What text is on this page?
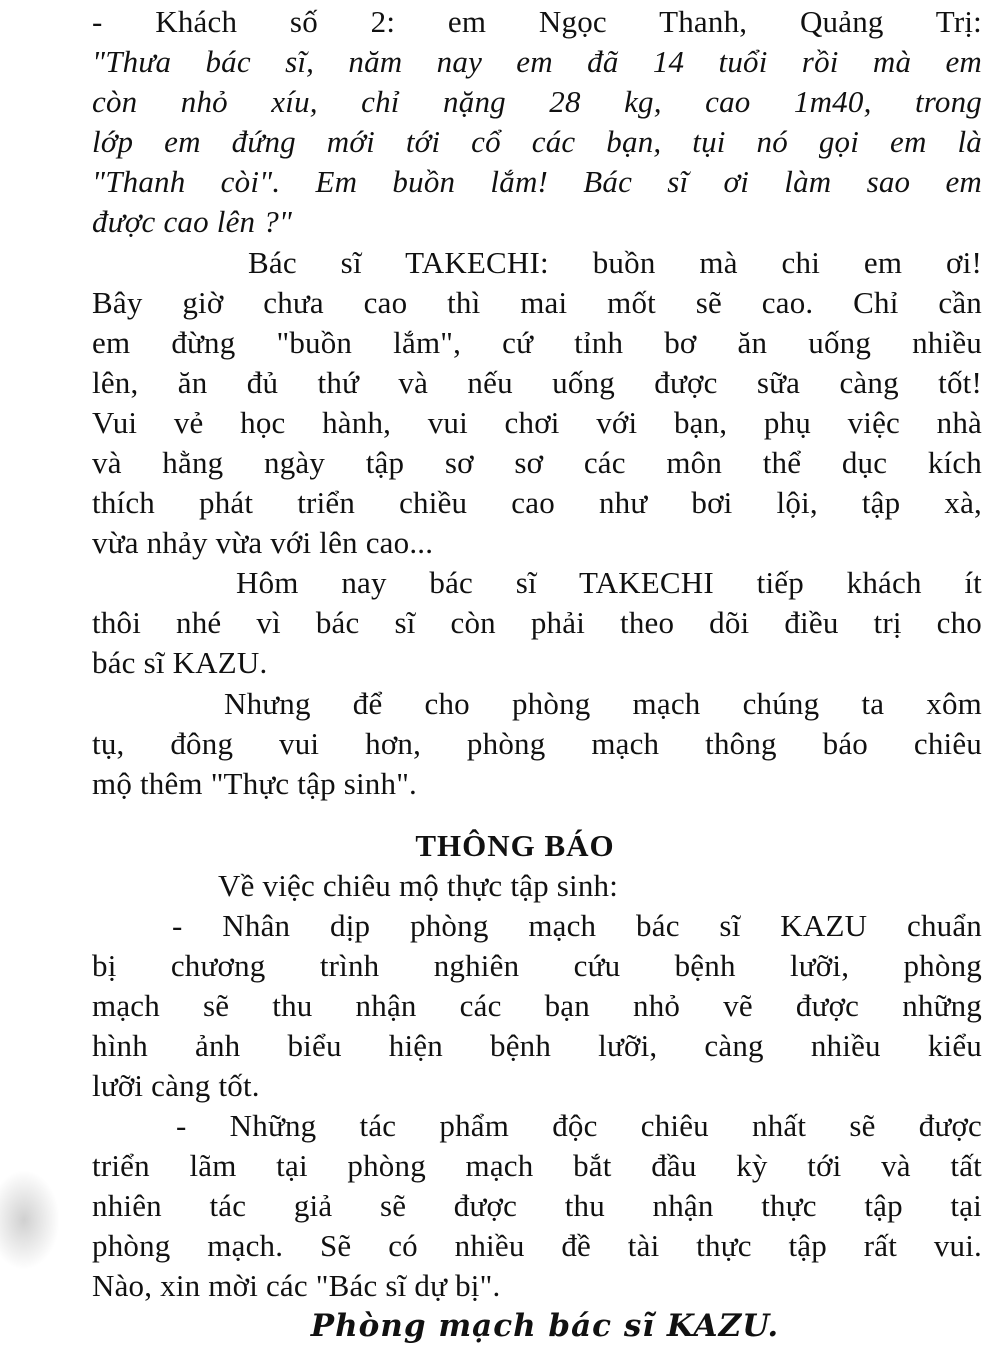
- Khách số 2: em Ngọc Thanh, Quảng Trị:
"Thưa bác sĩ, năm nay em đã 14 tuổi rồi mà em
còn nhỏ xíu, chỉ nặng 28 kg, cao 1m40, trong
lớp em đứng mới tới cổ các bạn, tụi nó gọi em là
"Thanh còi". Em buồn lắm! Bác sĩ ơi làm sao em
được cao lên ?"
Bác sĩ TAKECHI: buồn mà chi em ơi!
Bây giờ chưa cao thì mai mốt sẽ cao. Chỉ cần
em đừng "buồn lắm", cứ tỉnh bơ ăn uống nhiều
lên, ăn đủ thứ và nếu uống được sữa càng tốt!
Vui vẻ học hành, vui chơi với bạn, phụ việc nhà
và hằng ngày tập sơ sơ các môn thể dục kích
thích phát triển chiều cao như bơi lội, tập xà,
vừa nhảy vừa với lên cao...
Hôm nay bác sĩ TAKECHI tiếp khách ít
thôi nhé vì bác sĩ còn phải theo dõi điều trị cho
bác sĩ KAZU.
Nhưng để cho phòng mạch chúng ta xôm
tụ, đông vui hơn, phòng mạch thông báo chiêu
mộ thêm "Thực tập sinh".
THÔNG BÁO
Về việc chiêu mộ thực tập sinh:
- Nhân dịp phòng mạch bác sĩ KAZU chuẩn
bị chương trình nghiên cứu bệnh lưỡi, phòng
mạch sẽ thu nhận các bạn nhỏ vẽ được những
hình ảnh biểu hiện bệnh lưỡi, càng nhiều kiểu
lưỡi càng tốt.
- Những tác phẩm độc chiêu nhất sẽ được
triển lãm tại phòng mạch bắt đầu kỳ tới và tất
nhiên tác giả sẽ được thu nhận thực tập tại
phòng mạch. Sẽ có nhiều đề tài thực tập rất vui.
Nào, xin mời các "Bác sĩ dự bị".
Phòng mạch bác sĩ KAZU.
